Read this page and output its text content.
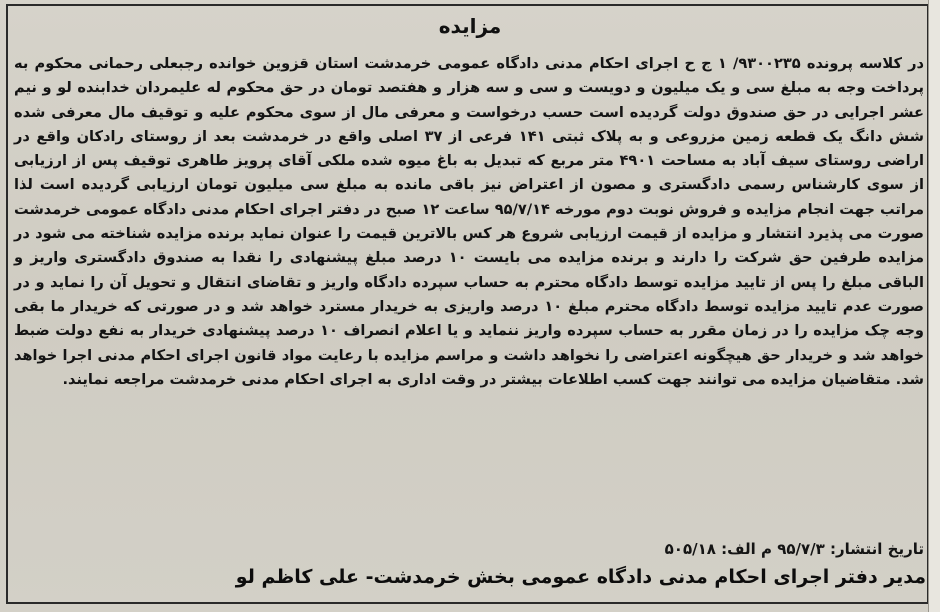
مزایده
در کلاسه پرونده ۹۳۰۰۲۳۵/ ۱ ج ح اجرای احکام مدنی دادگاه عمومی خرمدشت استان قزوین خوانده رجبعلی رحمانی محکوم به پرداخت وجه به مبلغ سی و یک میلیون و دویست و سی و سه هزار و هفتصد تومان در حق محکوم له علیمردان خدابنده لو و نیم عشر اجرایی در حق صندوق دولت گردیده است حسب درخواست و معرفی مال از سوی محکوم علیه و توقیف مال معرفی شده شش دانگ یک قطعه زمین مزروعی و به پلاک ثبتی ۱۴۱ فرعی از ۳۷ اصلی واقع در خرمدشت بعد از روستای رادکان واقع در اراضی روستای سیف آباد به مساحت ۴۹۰۱ متر مربع که تبدیل به باغ میوه شده ملکی آقای پرویز طاهری توقیف پس از ارزیابی از سوی کارشناس رسمی دادگستری و مصون از اعتراض نیز باقی مانده به مبلغ سی میلیون تومان ارزیابی گردیده است لذا مراتب جهت انجام مزایده و فروش نوبت دوم مورخه ۹۵/۷/۱۴ ساعت ۱۲ صبح در دفتر اجرای احکام مدنی دادگاه عمومی خرمدشت صورت می پذیرد انتشار و مزایده از قیمت ارزیابی شروع هر کس بالاترین قیمت را عنوان نماید برنده مزایده شناخته می شود در مزایده طرفین حق شرکت را دارند و برنده مزایده می بایست ۱۰ درصد مبلغ پیشنهادی را نقدا به صندوق دادگستری واریز و الباقی مبلغ را پس از تایید مزایده توسط دادگاه محترم به حساب سپرده دادگاه واریز و تقاضای انتقال و تحویل آن را نماید و در صورت عدم تایید مزایده توسط دادگاه محترم مبلغ ۱۰ درصد واریزی به خریدار مسترد خواهد شد و در صورتی که خریدار ما بقی وجه چک مزایده را در زمان مقرر به حساب سپرده واریز ننماید و یا اعلام انصراف ۱۰ درصد پیشنهادی خریدار به نفع دولت ضبط خواهد شد و خریدار حق هیچگونه اعتراضی را نخواهد داشت و مراسم مزایده با رعایت مواد قانون اجرای احکام مدنی اجرا خواهد شد. متقاضیان مزایده می توانند جهت کسب اطلاعات بیشتر در وقت اداری به اجرای احکام مدنی خرمدشت مراجعه نمایند.
تاریخ انتشار: ۹۵/۷/۳ م الف: ۵۰۵/۱۸
مدیر دفتر اجرای احکام مدنی دادگاه عمومی بخش خرمدشت- علی کاظم لو
